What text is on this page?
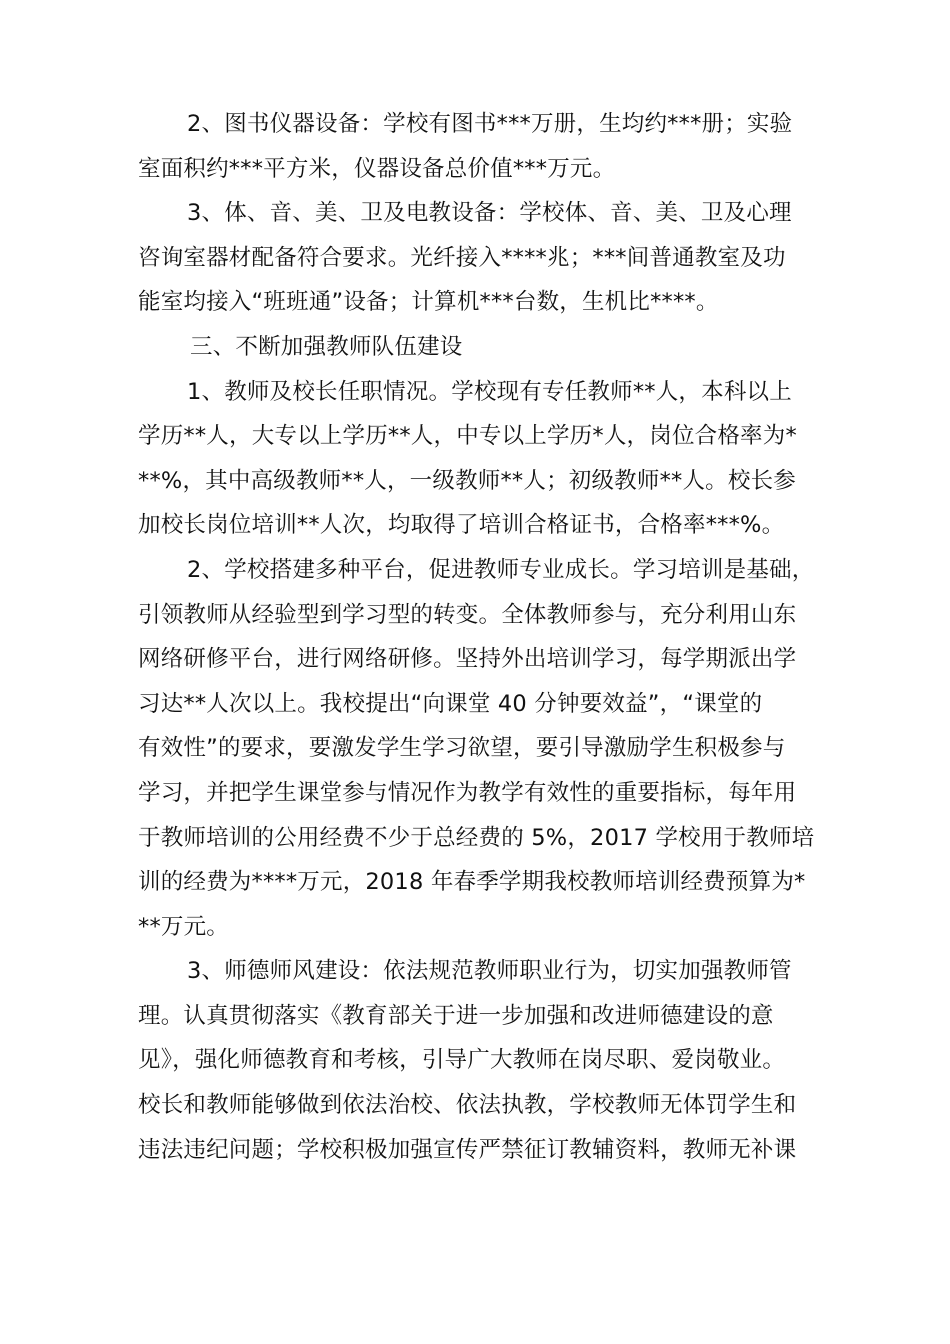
2、图书仪器设备：学校有图书***万册，生均约***册；实验
室面积约***平方米，仪器设备总价值***万元。
3、体、音、美、卫及电教设备：学校体、音、美、卫及心理
咨询室器材配备符合要求。光纤接入****兆；***间普通教室及功
能室均接入“班班通”设备；计算机***台数，生机比****。
三、不断加强教师队伍建设
1、教师及校长任职情况。学校现有专任教师**人，本科以上
学历**人，大专以上学历**人，中专以上学历*人，岗位合格率为*
**%，其中高级教师**人，一级教师**人；初级教师**人。校长参
加校长岗位培训**人次，均取得了培训合格证书，合格率***%。
2、学校搭建多种平台，促进教师专业成长。学习培训是基础，
引领教师从经验型到学习型的转变。全体教师参与，充分利用山东
网络研修平台，进行网络研修。坚持外出培训学习，每学期派出学
习达**人次以上。我校提出“向课堂 40 分钟要效益”，“课堂的
有效性”的要求，要激发学生学习欲望，要引导激励学生积极参与
学习，并把学生课堂参与情况作为教学有效性的重要指标，每年用
于教师培训的公用经费不少于总经费的 5%，2017 学校用于教师培
训的经费为****万元，2018 年春季学期我校教师培训经费预算为*
**万元。
3、师德师风建设：依法规范教师职业行为，切实加强教师管
理。认真贯彻落实《教育部关于进一步加强和改进师德建设的意
见》，强化师德教育和考核，引导广大教师在岗尽职、爱岗敬业。
校长和教师能够做到依法治校、依法执教，学校教师无体罚学生和
违法违纪问题；学校积极加强宣传严禁征订教辅资料，教师无补课
